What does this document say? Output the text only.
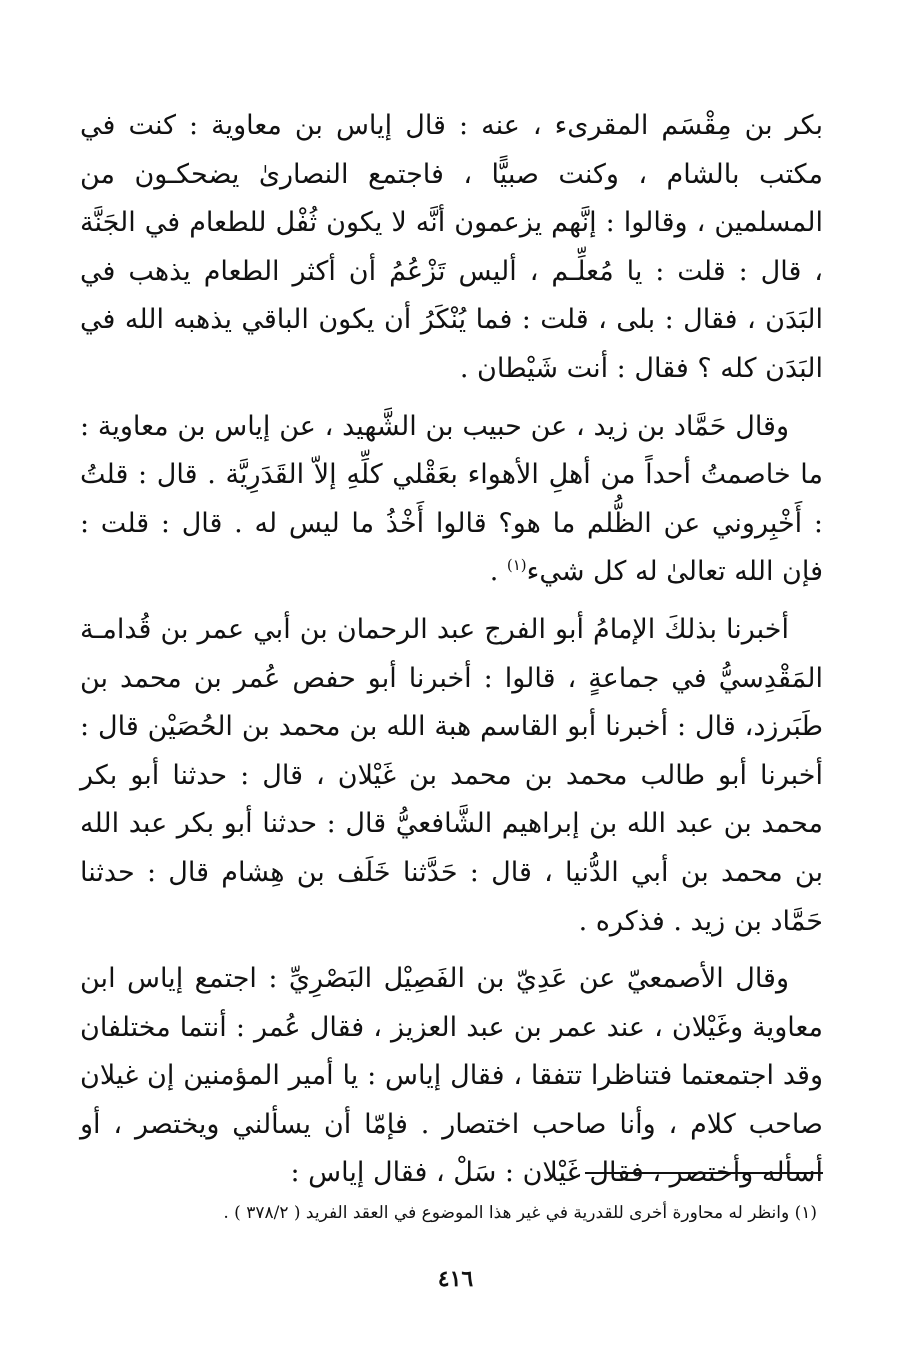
بكر بن مِقْسَم المقرىء ، عنه : قال إياس بن معاوية : كنت في مكتب بالشام ، وكنت صبيًّا ، فاجتمع النصارىٰ يضحكـون من المسلمين ، وقالوا : إنَّهم يزعمون أنَّه لا يكون ثُفْل للطعام في الجَنَّة ، قال : قلت : يا مُعلِّـم ، أليس تَزْعُمُ أن أكثر الطعام يذهب في البَدَن ، فقال : بلى ، قلت : فما يُنْكَرُ أن يكون الباقي يذهبه الله في البَدَن كله ؟ فقال : أنت شَيْطان .

وقال حَمَّاد بن زيد ، عن حبيب بن الشَّهيد ، عن إياس بن معاوية : ما خاصمتُ أحداً من أهلِ الأهواء بعَقْلي كلِّهِ إلاّ القَدَرِيَّة . قال : قلتُ : أَخْبِروني عن الظُّلم ما هو؟ قالوا أَخْذُ ما ليس له . قال : قلت : فإن الله تعالىٰ له كل شيء$^{(١)}$ .

أخبرنا بذلكَ الإمامُ أبو الفرج عبد الرحمان بن أبي عمر بن قُدامـة المَقْدِسيُّ في جماعةٍ ، قالوا : أخبرنا أبو حفص عُمر بن محمد بن طَبَرزد، قال : أخبرنا أبو القاسم هبة الله بن محمد بن الحُصَيْن قال : أخبرنا أبو طالب محمد بن محمد بن غَيْلان ، قال : حدثنا أبو بكر محمد بن عبد الله بن إبراهيم الشَّافعيُّ قال : حدثنا أبو بكر عبد الله بن محمد بن أبي الدُّنيا ، قال : حَدَّثنا خَلَف بن هِشام قال : حدثنا حَمَّاد بن زيد . فذكره .

وقال الأصمعيّ عن عَدِيّ بن الفَصِيْل البَصْرِيِّ : اجتمع إياس ابن معاوية وغَيْلان ، عند عمر بن عبد العزيز ، فقال عُمر : أنتما مختلفان وقد اجتمعتما فتناظرا تتفقا ، فقال إياس : يا أمير المؤمنين إن غيلان صاحب كلام ، وأنا صاحب اختصار . فإمّا أن يسألني ويختصر ، أو أسأله وأختصر ، فقال غَيْلان : سَلْ ، فقال إياس :

(١) وانظر له محاورة أخرى للقدرية في غير هذا الموضوع في العقد الفريد ( ٣٧٨/٢ ) .
٤١٦
